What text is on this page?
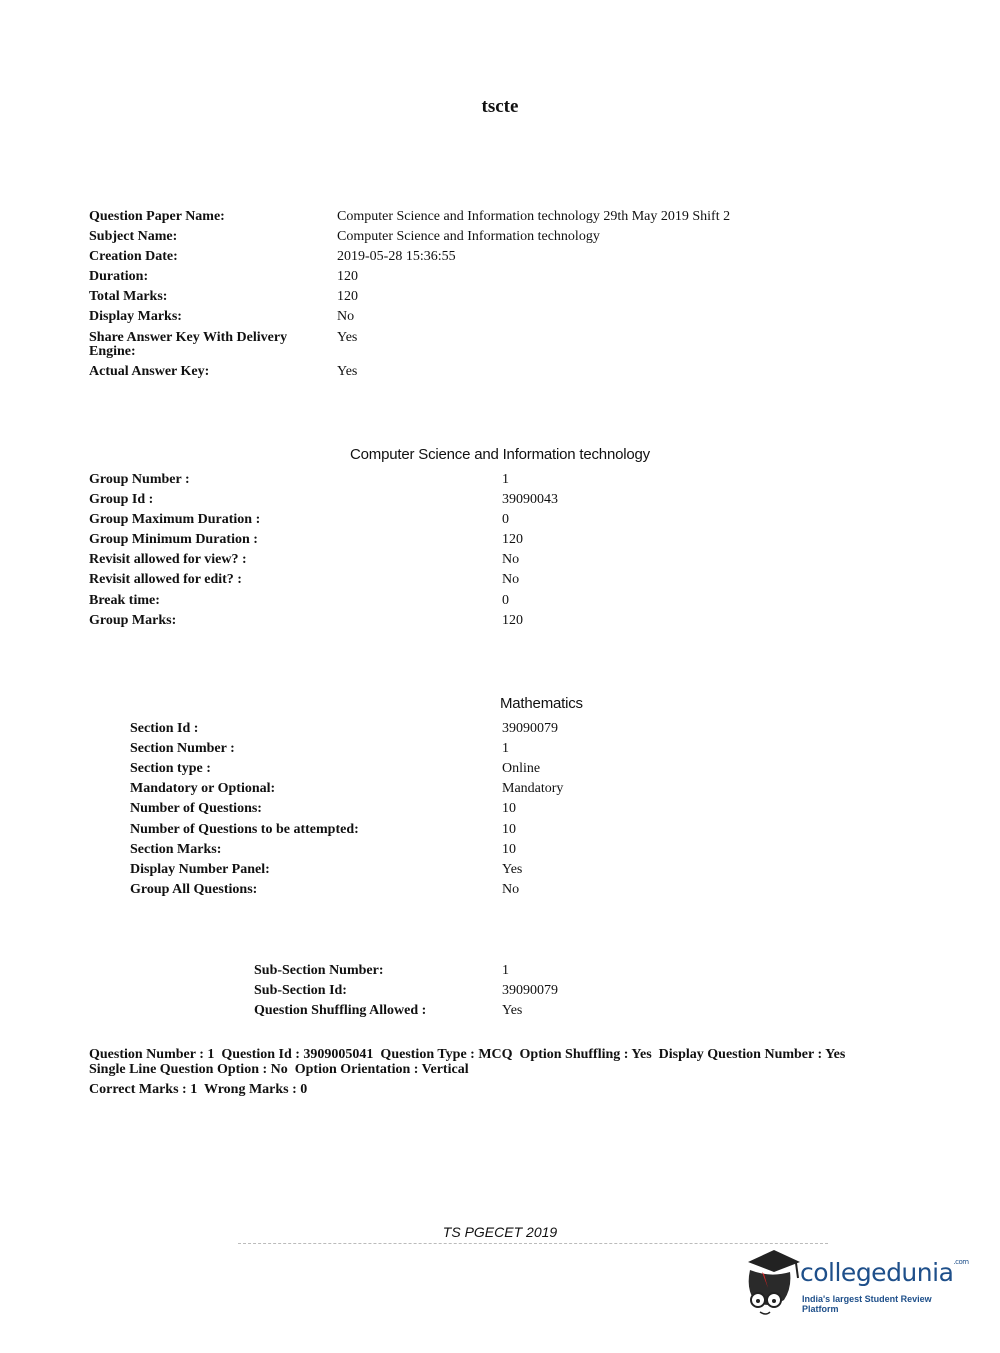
tscte
Question Paper Name:	Computer Science and Information technology 29th May 2019 Shift 2
Subject Name:	Computer Science and Information technology
Creation Date:	2019-05-28 15:36:55
Duration:	120
Total Marks:	120
Display Marks:	No
Share Answer Key With Delivery
Engine:
Yes
Actual Answer Key:	Yes
Computer Science and Information technology
Group Number :	1
Group Id :	39090043
Group Maximum Duration :	0
Group Minimum Duration :	120
Revisit allowed for view? :	No
Revisit allowed for edit? :	No
Break time:	0
Group Marks:	120
Mathematics
Section Id :	39090079
Section Number :	1
Section type :	Online
Mandatory or Optional:	Mandatory
Number of Questions:	10
Number of Questions to be attempted:	10
Section Marks:	10
Display Number Panel:	Yes
Group All Questions:	No
Sub-Section Number:	1
Sub-Section Id:	39090079
Question Shuffling Allowed :	Yes
Question Number : 1  Question Id : 3909005041  Question Type : MCQ  Option Shuffling : Yes  Display Question Number : Yes
Single Line Question Option : No  Option Orientation : Vertical
Correct Marks : 1  Wrong Marks : 0
TS PGECET 2019
collegedunia$^{.com}$
India's largest Student Review Platform
